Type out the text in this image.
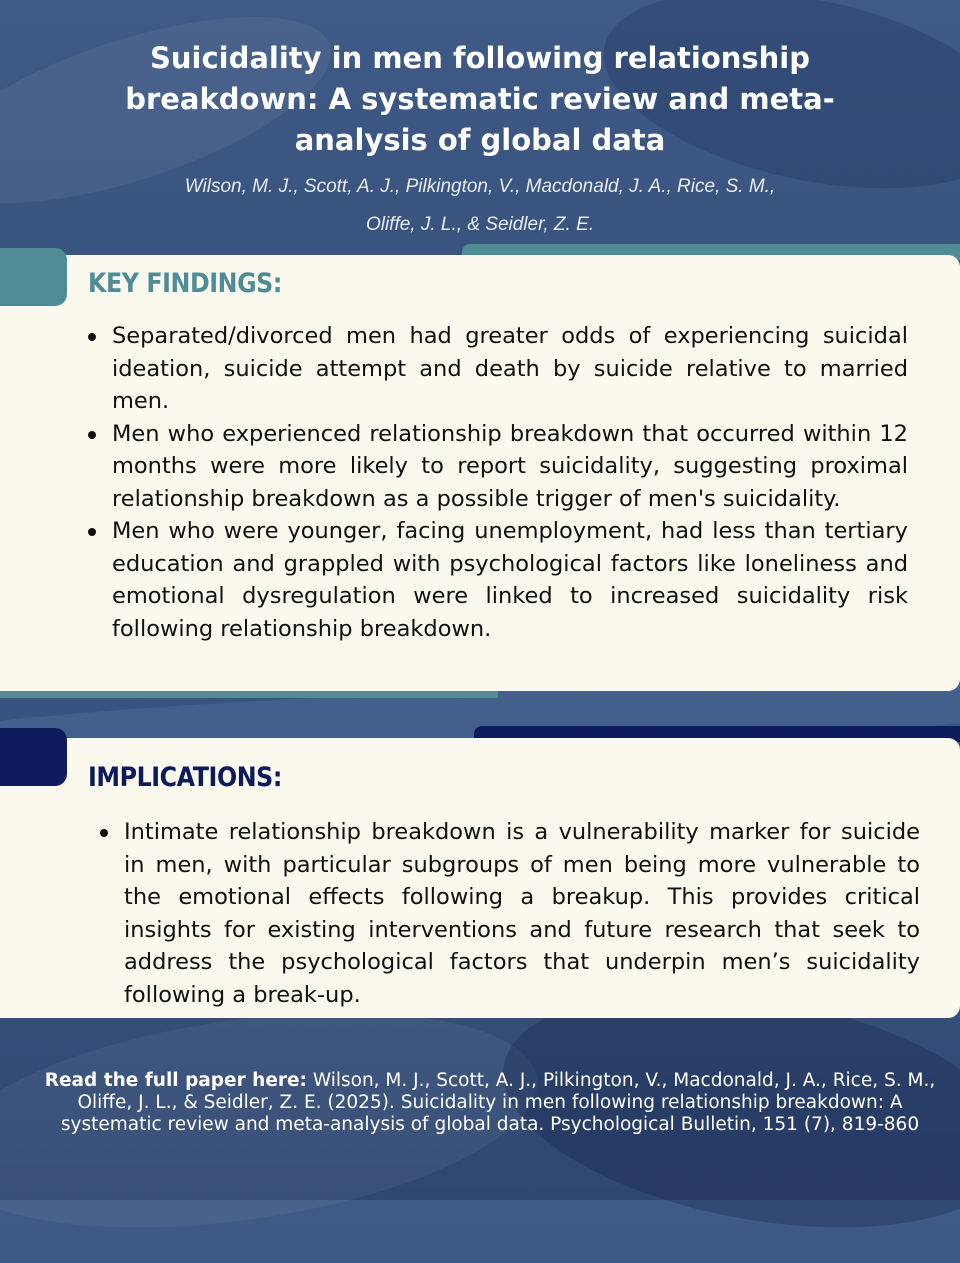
Suicidality in men following relationship breakdown: A systematic review and meta-analysis of global data
Wilson, M. J., Scott, A. J., Pilkington, V., Macdonald, J. A., Rice, S. M.,
Oliffe, J. L., & Seidler, Z. E.
KEY FINDINGS:
Separated/divorced men had greater odds of experiencing suicidal ideation, suicide attempt and death by suicide relative to married men.
Men who experienced relationship breakdown that occurred within 12 months were more likely to report suicidality, suggesting proximal relationship breakdown as a possible trigger of men's suicidality.
Men who were younger, facing unemployment, had less than tertiary education and grappled with psychological factors like loneliness and emotional dysregulation were linked to increased suicidality risk following relationship breakdown.
IMPLICATIONS:
Intimate relationship breakdown is a vulnerability marker for suicide in men, with particular subgroups of men being more vulnerable to the emotional effects following a breakup. This provides critical insights for existing interventions and future research that seek to address the psychological factors that underpin men’s suicidality following a break-up.
Read the full paper here: Wilson, M. J., Scott, A. J., Pilkington, V., Macdonald, J. A., Rice, S. M., Oliffe, J. L., & Seidler, Z. E. (2025). Suicidality in men following relationship breakdown: A systematic review and meta-analysis of global data. Psychological Bulletin, 151 (7), 819-860
